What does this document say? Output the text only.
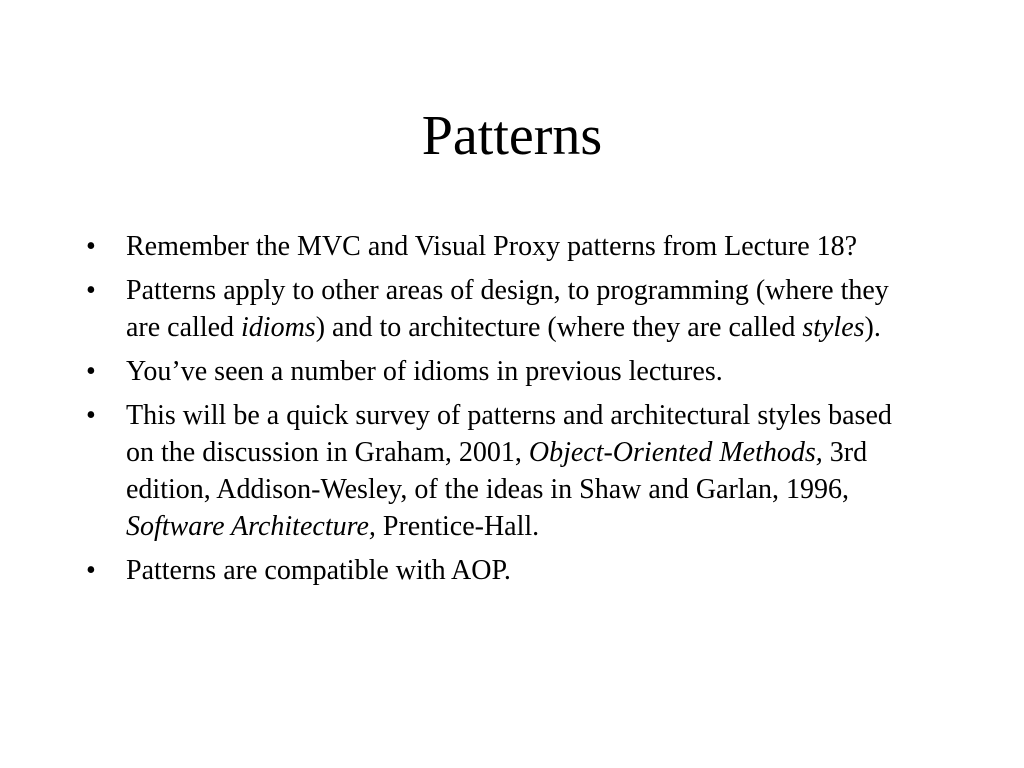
Patterns
•	Remember the MVC and Visual Proxy patterns from Lecture 18?
•	Patterns apply to other areas of design, to programming (where they are called idioms) and to architecture (where they are called styles).
•	You’ve seen a number of idioms in previous lectures.
•	This will be a quick survey of patterns and architectural styles based on the discussion in Graham, 2001, Object-Oriented Methods, 3rd edition, Addison-Wesley, of the ideas in Shaw and Garlan, 1996, Software Architecture, Prentice-Hall.
•	Patterns are compatible with AOP.
